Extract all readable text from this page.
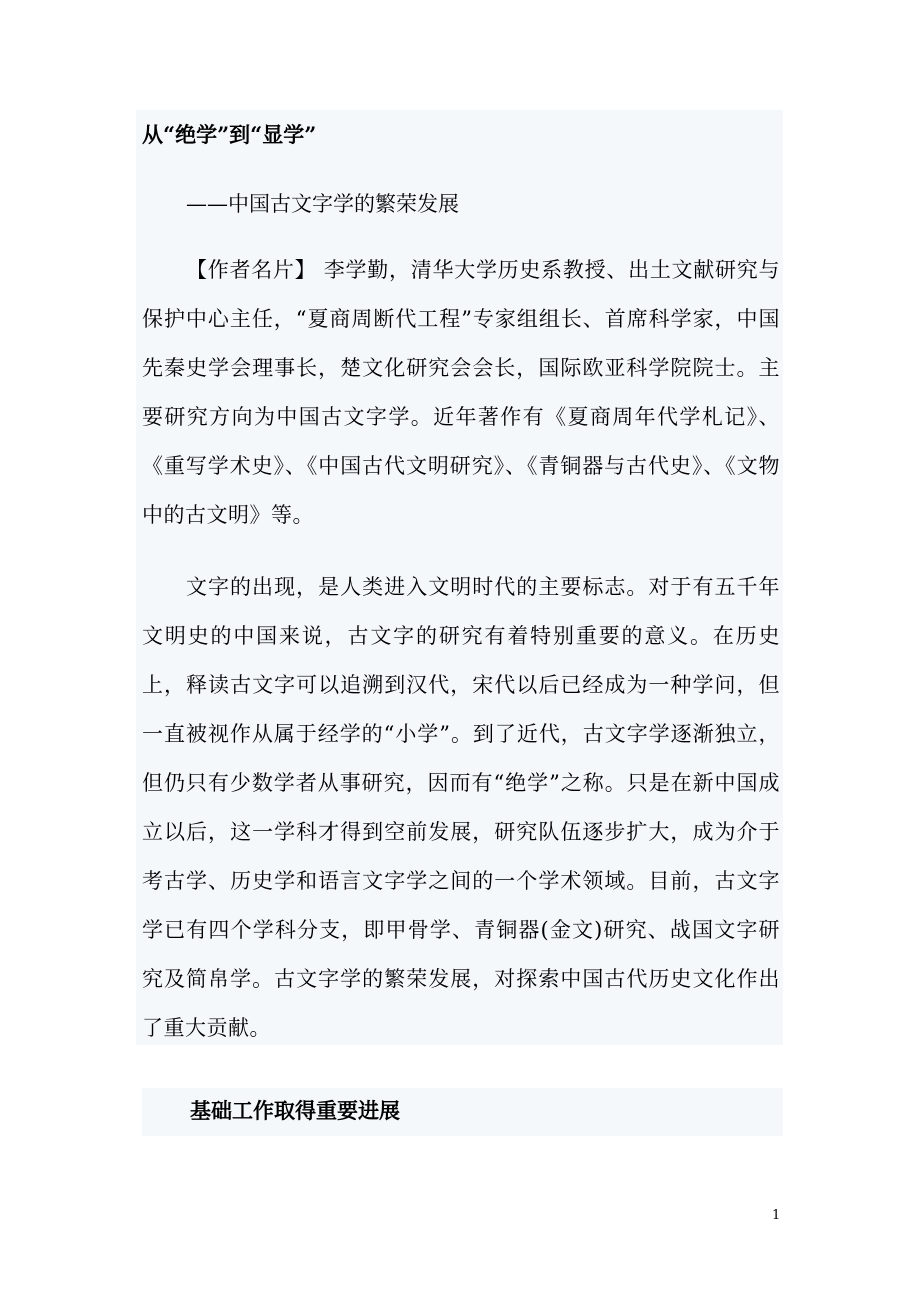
从“绝学”到“显学”
——中国古文字学的繁荣发展

【作者名片】 李学勤，清华大学历史系教授、出土文献研究与保护中心主任，“夏商周断代工程”专家组组长、首席科学家，中国先秦史学会理事长，楚文化研究会会长，国际欧亚科学院院士。主要研究方向为中国古文字学。近年著作有《夏商周年代学札记》、《重写学术史》、《中国古代文明研究》、《青铜器与古代史》、《文物中的古文明》等。

文字的出现，是人类进入文明时代的主要标志。对于有五千年文明史的中国来说，古文字的研究有着特别重要的意义。在历史上，释读古文字可以追溯到汉代，宋代以后已经成为一种学问，但一直被视作从属于经学的“小学”。到了近代，古文字学逐渐独立，但仍只有少数学者从事研究，因而有“绝学”之称。只是在新中国成立以后，这一学科才得到空前发展，研究队伍逐步扩大，成为介于考古学、历史学和语言文字学之间的一个学术领域。目前，古文字学已有四个学科分支，即甲骨学、青铜器(金文)研究、战国文字研究及简帛学。古文字学的繁荣发展，对探索中国古代历史文化作出了重大贡献。

基础工作取得重要进展
1
